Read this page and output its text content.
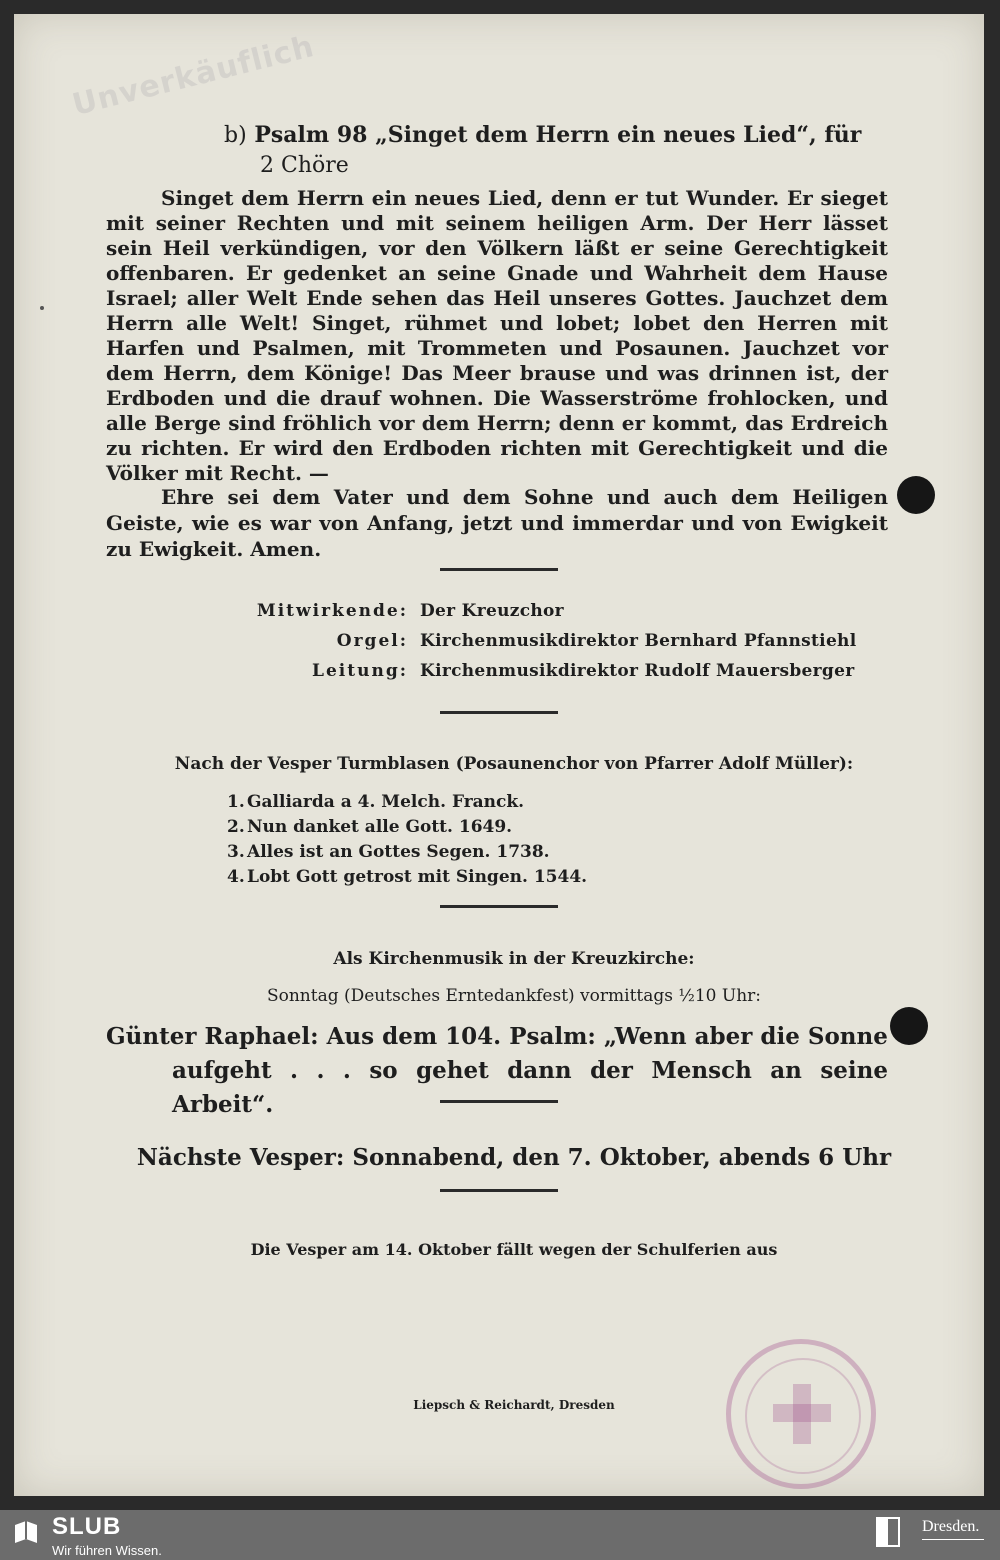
Unverkäuflich
b) Psalm 98 „Singet dem Herrn ein neues Lied“, für
2 Chöre

Singet dem Herrn ein neues Lied, denn er tut Wunder. Er sieget mit seiner Rechten und mit seinem heiligen Arm. Der Herr lässet sein Heil verkündigen, vor den Völkern läßt er seine Gerechtigkeit offenbaren. Er gedenket an seine Gnade und Wahrheit dem Hause Israel; aller Welt Ende sehen das Heil unseres Gottes. Jauchzet dem Herrn alle Welt! Singet, rühmet und lobet; lobet den Herren mit Harfen und Psalmen, mit Trommeten und Posaunen. Jauchzet vor dem Herrn, dem Könige! Das Meer brause und was drinnen ist, der Erdboden und die drauf wohnen. Die Wasserströme frohlocken, und alle Berge sind fröhlich vor dem Herrn; denn er kommt, das Erdreich zu richten. Er wird den Erdboden richten mit Gerechtigkeit und die Völker mit Recht. —

Ehre sei dem Vater und dem Sohne und auch dem Heiligen Geiste, wie es war von Anfang, jetzt und immerdar und von Ewigkeit zu Ewigkeit. Amen.

Mitwirkende: Der Kreuzchor
Orgel: Kirchenmusikdirektor Bernhard Pfannstiehl
Leitung: Kirchenmusikdirektor Rudolf Mauersberger
Nach der Vesper Turmblasen (Posaunenchor von Pfarrer Adolf Müller):
1. Galliarda a 4. Melch. Franck.
2. Nun danket alle Gott. 1649.
3. Alles ist an Gottes Segen. 1738.
4. Lobt Gott getrost mit Singen. 1544.
Als Kirchenmusik in der Kreuzkirche:
Sonntag (Deutsches Erntedankfest) vormittags ½10 Uhr:

Günter Raphael: Aus dem 104. Psalm: „Wenn aber die Sonne
aufgeht . . . so gehet dann der Mensch an seine Arbeit“.

Nächste Vesper: Sonnabend, den 7. Oktober, abends 6 Uhr
Die Vesper am 14. Oktober fällt wegen der Schulferien aus
Liepsch & Reichardt, Dresden
SLUB
Wir führen Wissen.
Dresden.
